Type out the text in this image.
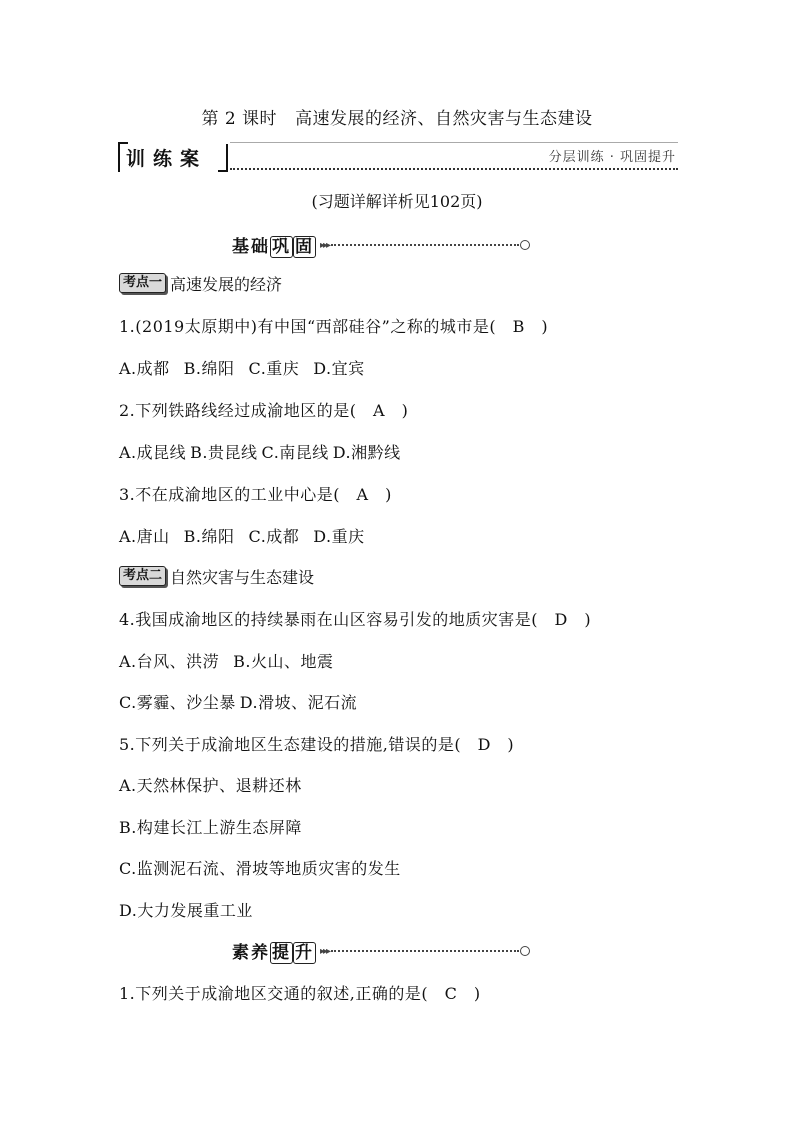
第 2 课时 高速发展的经济、自然灾害与生态建设
训练案	分层训练 · 巩固提升
(习题详解详析见102页)
基础 巩 固 ▸▸▸
考点一 高速发展的经济
1.(2019太原期中)有中国“西部硅谷”之称的城市是(　B　)
A.成都 B.绵阳 C.重庆 D.宜宾
2.下列铁路线经过成渝地区的是(　A　)
A.成昆线 B.贵昆线 C.南昆线 D.湘黔线
3.不在成渝地区的工业中心是(　A　)
A.唐山 B.绵阳 C.成都 D.重庆
考点二 自然灾害与生态建设
4.我国成渝地区的持续暴雨在山区容易引发的地质灾害是(　D　)
A.台风、洪涝 B.火山、地震
C.雾霾、沙尘暴 D.滑坡、泥石流
5.下列关于成渝地区生态建设的措施,错误的是(　D　)
A.天然林保护、退耕还林
B.构建长江上游生态屏障
C.监测泥石流、滑坡等地质灾害的发生
D.大力发展重工业
素养 提 升 ▸▸▸
1.下列关于成渝地区交通的叙述,正确的是(　C　)
